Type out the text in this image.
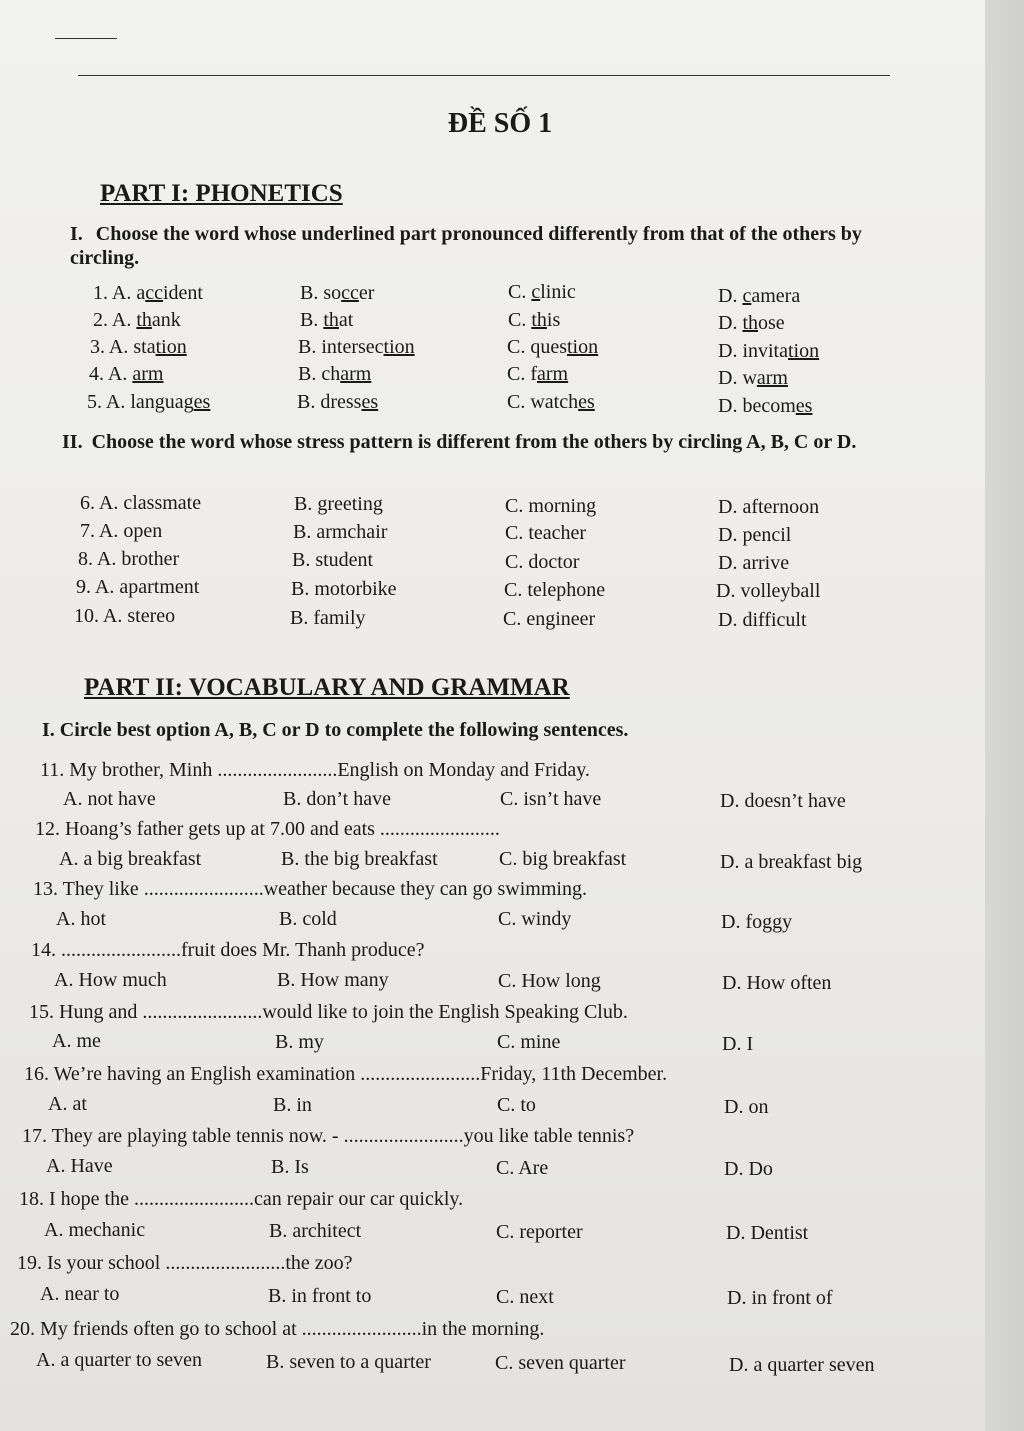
ĐỀ SỐ 1
PART I: PHONETICS
I. Choose the word whose underlined part pronounced differently from that of the others by circling.
1. A. accident	B. soccer	C. clinic	D. camera
2. A. thank	B. that	C. this	D. those
3. A. station	B. intersection	C. question	D. invitation
4. A. arm	B. charm	C. farm	D. warm
5. A. languages	B. dresses	C. watches	D. becomes
II. Choose the word whose stress pattern is different from the others by circling A, B, C or D.
6. A. classmate	B. greeting	C. morning	D. afternoon
7. A. open	B. armchair	C. teacher	D. pencil
8. A. brother	B. student	C. doctor	D. arrive
9. A. apartment	B. motorbike	C. telephone	D. volleyball
10. A. stereo	B. family	C. engineer	D. difficult
PART II: VOCABULARY AND GRAMMAR
I. Circle best option A, B, C or D to complete the following sentences.
11. My brother, Minh ........................English on Monday and Friday.
A. not have	B. don’t have	C. isn’t have	D. doesn’t have
12. Hoang’s father gets up at 7.00 and eats ........................
A. a big breakfast	B. the big breakfast	C. big breakfast	D. a breakfast big
13. They like ........................weather because they can go swimming.
A. hot	B. cold	C. windy	D. foggy
14. ........................fruit does Mr. Thanh produce?
A. How much	B. How many	C. How long	D. How often
15. Hung and ........................would like to join the English Speaking Club.
A. me	B. my	C. mine	D. I
16. We’re having an English examination ........................Friday, 11th December.
A. at	B. in	C. to	D. on
17. They are playing table tennis now. - ........................you like table tennis?
A. Have	B. Is	C. Are	D. Do
18. I hope the ........................can repair our car quickly.
A. mechanic	B. architect	C. reporter	D. Dentist
19. Is your school ........................the zoo?
A. near to	B. in front to	C. next	D. in front of
20. My friends often go to school at ........................in the morning.
A. a quarter to seven	B. seven to a quarter	C. seven quarter	D. a quarter seven
